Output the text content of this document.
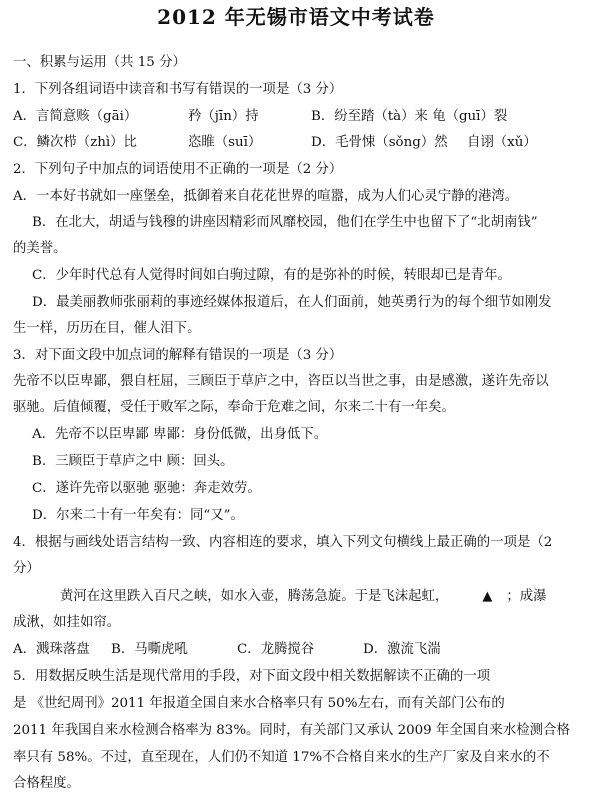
2012 年无锡市语文中考试卷
一、积累与运用（共 15 分）
1．下列各组词语中读音和书写有错误的一项是（3 分）
A．言简意赅（gāi）	矜（jīn）持	B．纷至踏（tà）来 龟（guī）裂
C．鳞次栉（zhì）比	恣睢（suī）	D．毛骨悚（sǒng）然 自诩（xǔ）
2．下列句子中加点的词语使用不正确的一项是（2 分）
A．一本好书就如一座堡垒，抵御着来自花花世界的喧嚣，成为人们心灵宁静的港湾。
B．在北大，胡适与钱穆的讲座因精彩而风靡校园，他们在学生中也留下了“北胡南钱”
的美誉。
C．少年时代总有人觉得时间如白驹过隙，有的是弥补的时候，转眼却已是青年。
D．最美丽教师张丽莉的事迹经媒体报道后，在人们面前，她英勇行为的每个细节如刚发
生一样，历历在目，催人泪下。
3．对下面文段中加点词的解释有错误的一项是（3 分）
先帝不以臣卑鄙，猥自枉屈，三顾臣于草庐之中，咨臣以当世之事，由是感激，遂许先帝以
驱驰。后值倾覆，受任于败军之际，奉命于危难之间，尔来二十有一年矣。
A．先帝不以臣卑鄙 卑鄙：身份低微，出身低下。
B．三顾臣于草庐之中 顾：回头。
C．遂许先帝以驱驰 驱驰：奔走效劳。
D．尔来二十有一年矣有：同“又”。
4．根据与画线处语言结构一致、内容相连的要求，填入下列文句横线上最正确的一项是（2
分）
黄河在这里跌入百尺之峡，如水入壶，腾荡急旋。于是飞沫起虹，	▲ ；成瀑
成湫，如挂如帘。
A．溅珠落盘 B．马嘶虎吼	C．龙腾搅谷	D．激流飞湍
5．用数据反映生活是现代常用的手段，对下面文段中相关数据解读不正确的一项
是 《世纪周刊》2011 年报道全国自来水合格率只有 50%左右，而有关部门公布的
2011 年我国自来水检测合格率为 83%。同时，有关部门又承认 2009 年全国自来水检测合格
率只有 58%。不过，直至现在，人们仍不知道 17%不合格自来水的生产厂家及自来水的不
合格程度。
